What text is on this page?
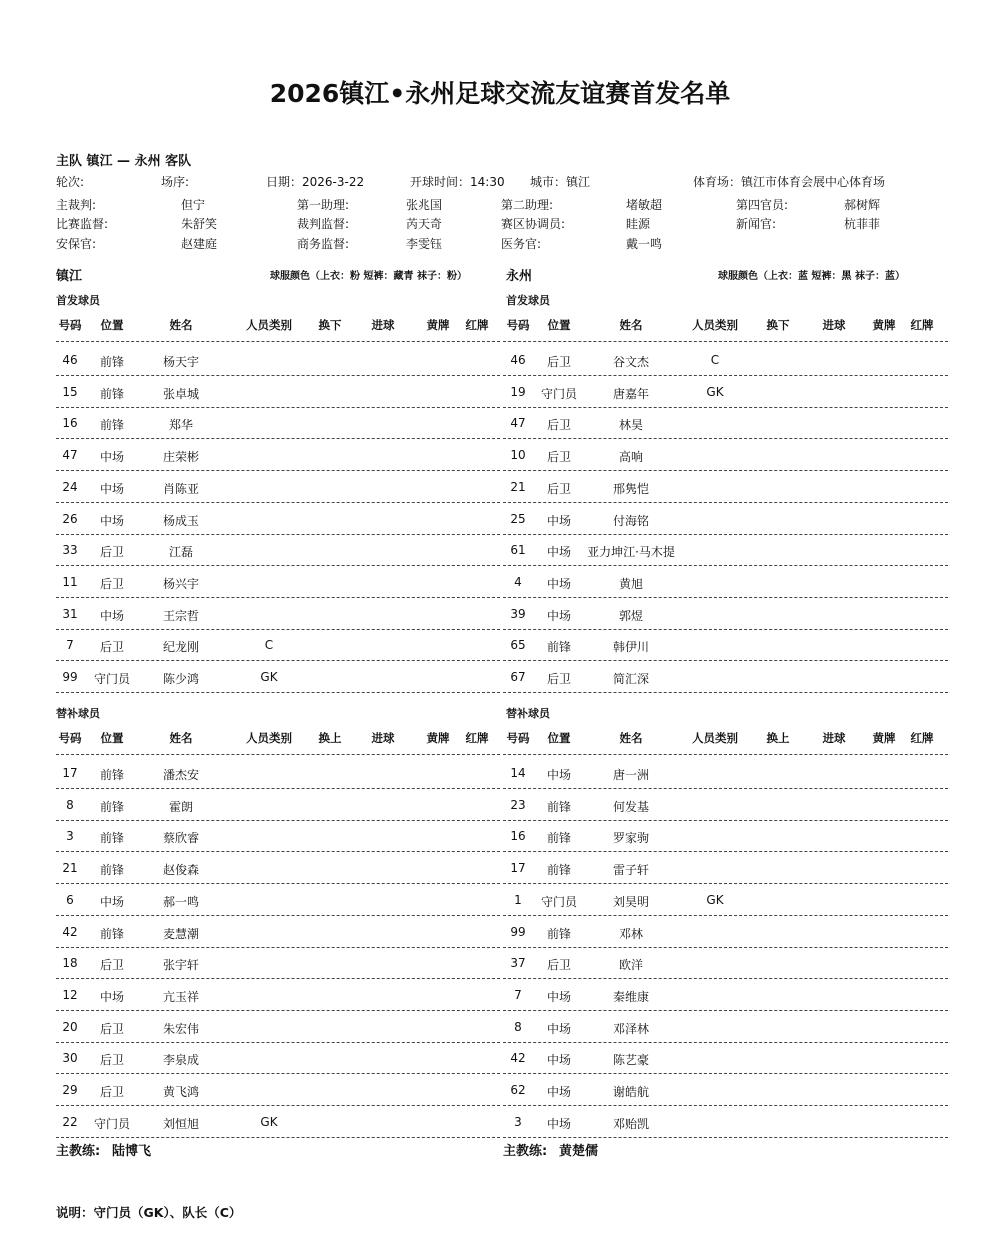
2026镇江•永州足球交流友谊赛首发名单
主队 镇江 — 永州 客队
轮次:	场序:	日期：2026-3-22	开球时间：14:30 城市：镇江	体育场：镇江市体育会展中心体育场
主裁判:	但宁	第一助理:	张兆国	第二助理:	堵敏超	第四官员:	郝树辉
比赛监督:	朱舒笑	裁判监督:	芮天奇	赛区协调员:	眭源	新闻官:	杭菲菲
安保官:	赵建庭	商务监督:	李雯钰	医务官:	戴一鸣
镇江	球服颜色（上衣：粉 短裤：藏青 袜子：粉）	永州	球服颜色（上衣：蓝 短裤：黑 袜子：蓝）
首发球员	首发球员
替补球员	替补球员
号码 位置	姓名	人员类别 换下	进球	黄牌 红牌
46 前锋	杨天宇
15 前锋	张卓城
16 前锋	郑华
47 中场	庄荣彬
24 中场	肖陈亚
26 中场	杨成玉
33 后卫	江磊
11 后卫	杨兴宇
31 中场	王宗哲
7 后卫	纪龙刚	C
99 守门员	陈少鸿	GK
号码 位置	姓名	人员类别 换上	进球	黄牌 红牌
17 前锋	潘杰安
8 前锋	霍朗
3 前锋	蔡欣睿
21 前锋	赵俊森
6 中场	郝一鸣
42 前锋	麦慧潮
18 后卫	张宇轩
12 中场	亢玉祥
20 后卫	朱宏伟
30 后卫	李泉成
29 后卫	黄飞鸿
22 守门员	刘恒旭	GK
号码 位置	姓名	人员类别 换下	进球 黄牌 红牌
46 后卫	谷文杰	C
19 守门员	唐嘉年	GK
47 后卫	林昊
10 后卫	高响
21 后卫	邢隽恺
25 中场	付海铭
61 中场 亚力坤江·马木提
4 中场	黄旭
39 中场	郭煜
65 前锋	韩伊川
67 后卫	简汇深
号码 位置	姓名	人员类别 换上	进球 黄牌 红牌
14 中场	唐一洲
23 前锋	何发基
16 前锋	罗家驹
17 前锋	雷子轩
1 守门员	刘昊明	GK
99 前锋	邓林
37 后卫	欧洋
7 中场	秦维康
8 中场	邓泽林
42 中场	陈艺豪
62 中场	谢皓航
3 中场	邓贻凯
主教练: 陆博飞	主教练: 黄楚儒
说明：守门员（GK）、队长（C）
